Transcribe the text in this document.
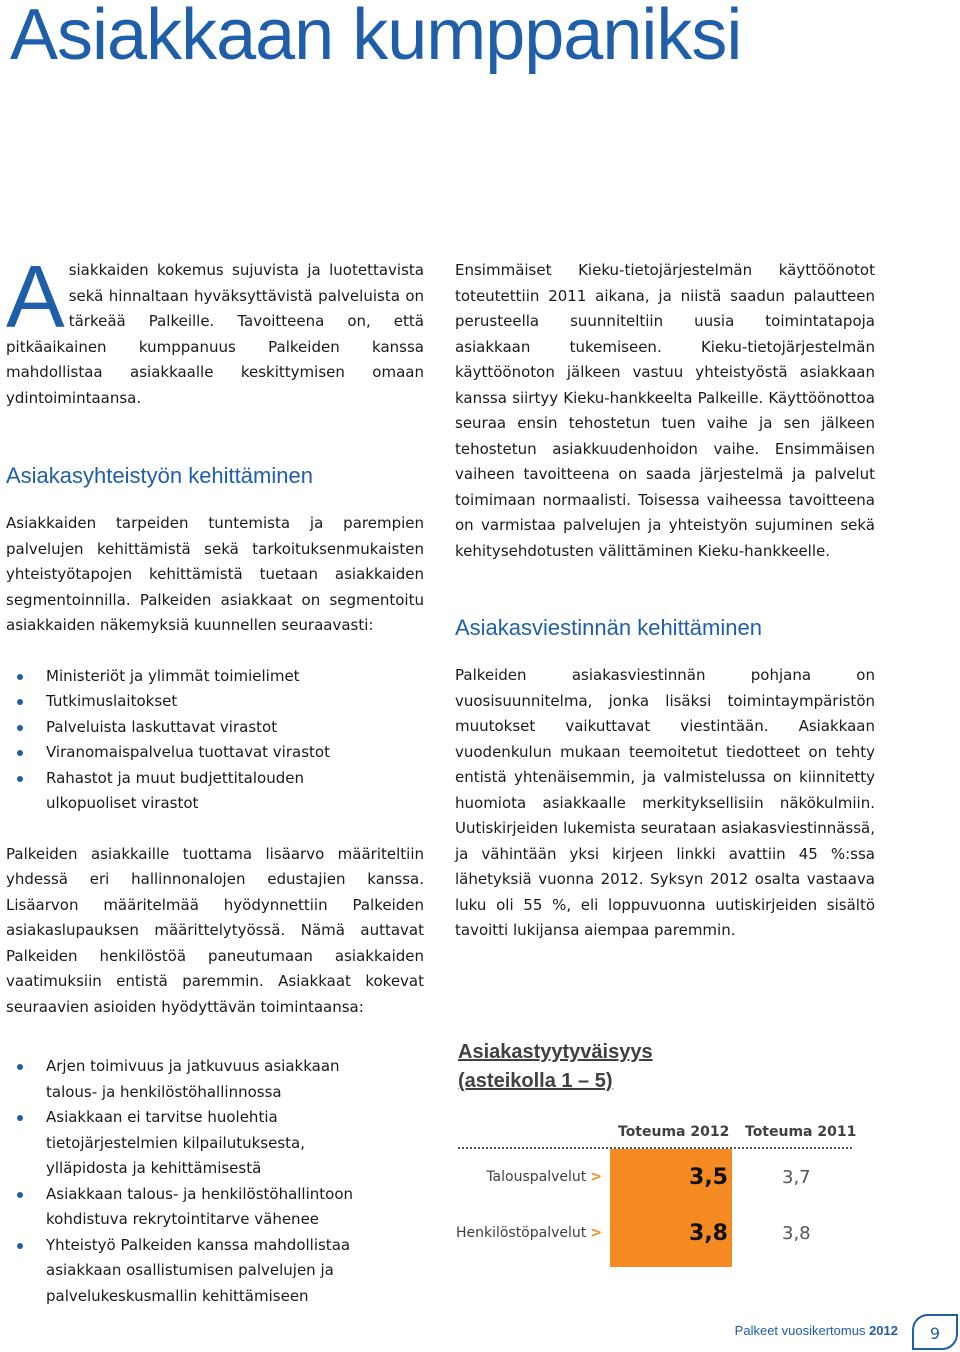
Asiakkaan kumppaniksi

Asiakkaiden kokemus sujuvista ja luotettavista sekä hinnaltaan hyväksyttävistä palveluista on tärkeää Palkeille. Tavoitteena on, että pitkäaikainen kumppanuus Palkeiden kanssa mahdollistaa asiakkaalle keskittymisen omaan ydintoimintaansa.

Asiakasyhteistyön kehittäminen

Asiakkaiden tarpeiden tuntemista ja parempien palvelujen kehittämistä sekä tarkoituksenmukaisten yhteistyötapojen kehittämistä tuetaan asiakkaiden segmentoinnilla. Palkeiden asiakkaat on segmentoitu asiakkaiden näkemyksiä kuunnellen seuraavasti:

Ministeriöt ja ylimmät toimielimet
Tutkimuslaitokset
Palveluista laskuttavat virastot
Viranomaispalvelua tuottavat virastot
Rahastot ja muut budjettitalouden ulkopuoliset virastot

Palkeiden asiakkaille tuottama lisäarvo määriteltiin yhdessä eri hallinnonalojen edustajien kanssa. Lisäarvon määritelmää hyödynnettiin Palkeiden asiakaslupauksen määrittelytyössä. Nämä auttavat Palkeiden henkilöstöä paneutumaan asiakkaiden vaatimuksiin entistä paremmin. Asiakkaat kokevat seuraavien asioiden hyödyttävän toimintaansa:

Arjen toimivuus ja jatkuvuus asiakkaan talous- ja henkilöstöhallinnossa
Asiakkaan ei tarvitse huolehtia tietojärjestelmien kilpailutuksesta, ylläpidosta ja kehittämisestä
Asiakkaan talous- ja henkilöstöhallintoon kohdistuva rekrytointitarve vähenee
Yhteistyö Palkeiden kanssa mahdollistaa asiakkaan osallistumisen palvelujen ja palvelukeskusmallin kehittämiseen

Ensimmäiset Kieku-tietojärjestelmän käyttöönotot toteutettiin 2011 aikana, ja niistä saadun palautteen perusteella suunniteltiin uusia toimintatapoja asiakkaan tukemiseen. Kieku-tietojärjestelmän käyttöönoton jälkeen vastuu yhteistyöstä asiakkaan kanssa siirtyy Kieku-hankkeelta Palkeille. Käyttöönottoa seuraa ensin tehostetun tuen vaihe ja sen jälkeen tehostetun asiakkuudenhoidon vaihe. Ensimmäisen vaiheen tavoitteena on saada järjestelmä ja palvelut toimimaan normaalisti. Toisessa vaiheessa tavoitteena on varmistaa palvelujen ja yhteistyön sujuminen sekä kehitysehdotusten välittäminen Kieku-hankkeelle.

Asiakasviestinnän kehittäminen

Palkeiden asiakasviestinnän pohjana on vuosisuunnitelma, jonka lisäksi toimintaympäristön muutokset vaikuttavat viestintään. Asiakkaan vuodenkulun mukaan teemoitetut tiedotteet on tehty entistä yhtenäisemmin, ja valmistelussa on kiinnitetty huomiota asiakkaalle merkityksellisiin näkökulmiin. Uutiskirjeiden lukemista seurataan asiakasviestinnässä, ja vähintään yksi kirjeen linkki avattiin 45 %:ssa lähetyksiä vuonna 2012. Syksyn 2012 osalta vastaava luku oli 55 %, eli loppuvuonna uutiskirjeiden sisältö tavoitti lukijansa aiempaa paremmin.

Asiakastyytyväisyys
(asteikolla 1 – 5)
Toteuma 2012 Toteuma 2011
Talouspalvelut >	3,5	3,7
Henkilöstöpalvelut >	3,8	3,8
Palkeet vuosikertomus 2012	9
